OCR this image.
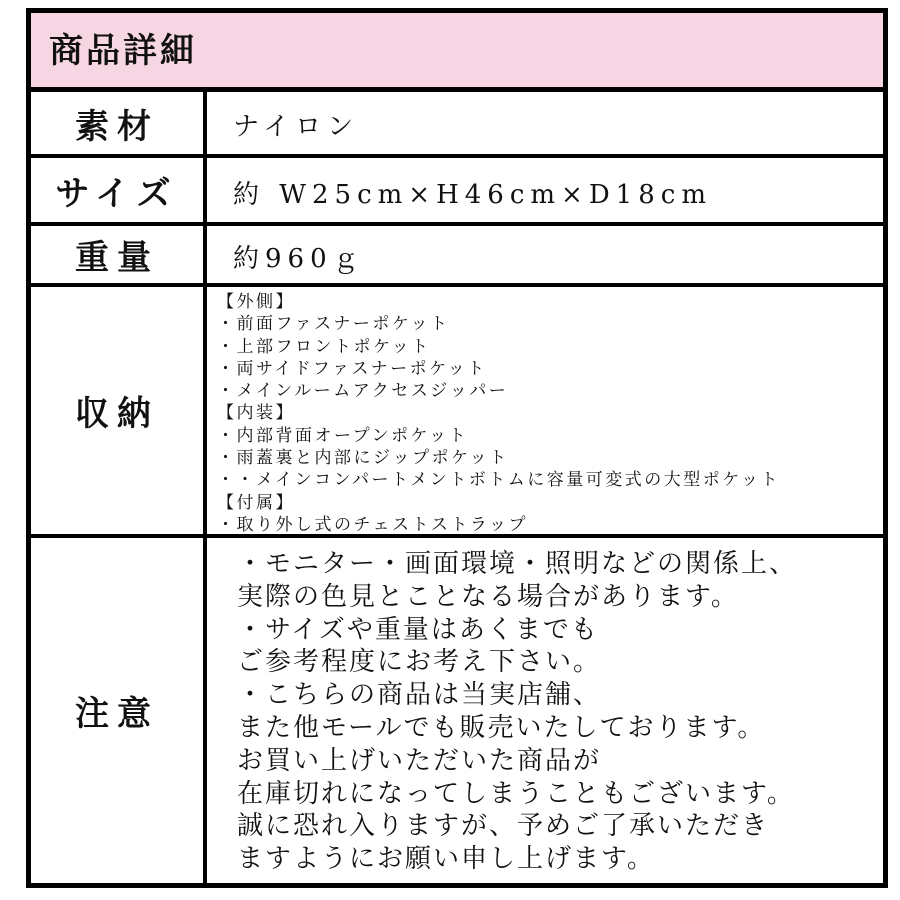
商品詳細
素材	ナイロン
サイズ 約 W25cm×H46cm×D18cm
重量	約960ｇ
収納
【外側】
・前面ファスナーポケット
・上部フロントポケット
・両サイドファスナーポケット
・メインルームアクセスジッパー
【内装】
・内部背面オープンポケット
・雨蓋裏と内部にジップポケット
・・メインコンパートメントボトムに容量可変式の大型ポケット
【付属】
・取り外し式のチェストストラップ
注意
・モニター・画面環境・照明などの関係上、
実際の色見とことなる場合があります。
・サイズや重量はあくまでも
ご参考程度にお考え下さい。
・こちらの商品は当実店舗、
また他モールでも販売いたしております。
お買い上げいただいた商品が
在庫切れになってしまうこともございます。
誠に恐れ入りますが、予めご了承いただき
ますようにお願い申し上げます。
